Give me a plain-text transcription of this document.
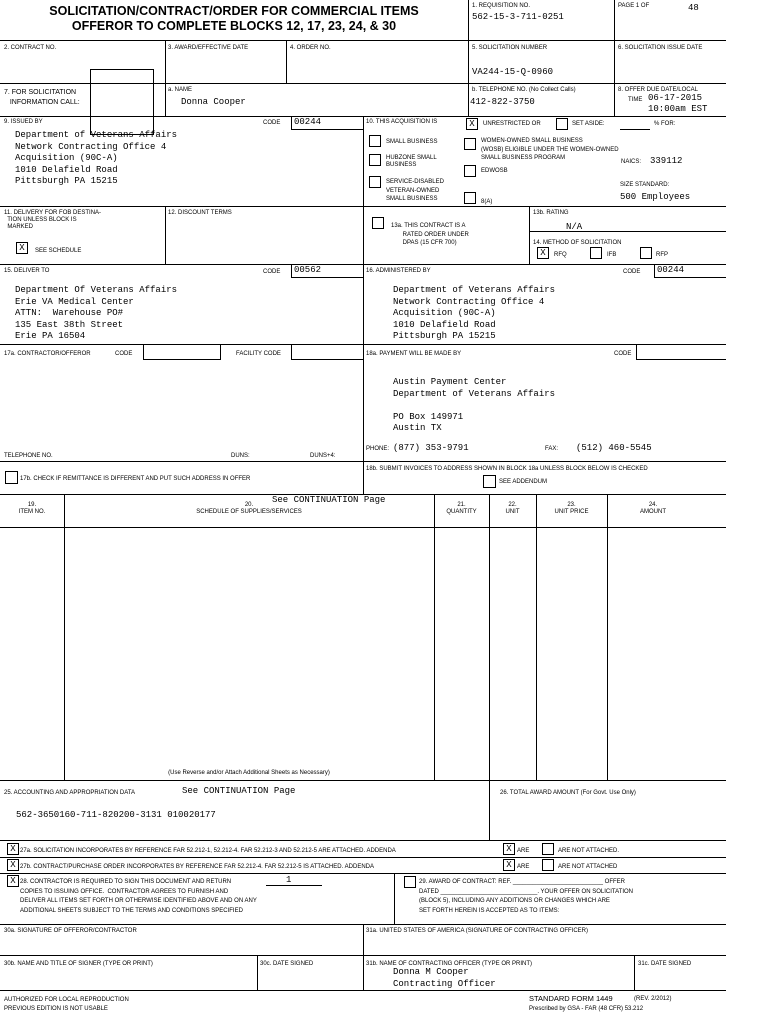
SOLICITATION/CONTRACT/ORDER FOR COMMERCIAL ITEMS
OFFEROR TO COMPLETE BLOCKS 12, 17, 23, 24, & 30
1. REQUISITION NO.
562-15-3-711-0251
PAGE 1 OF	48
2. CONTRACT NO.	3. AWARD/EFFECTIVE DATE	4. ORDER NO.	5. SOLICITATION NUMBER
VA244-15-Q-0960
6. SOLICITATION ISSUE DATE
7. FOR SOLICITATION
INFORMATION CALL:
a. NAME
Donna Cooper
b. TELEPHONE NO. (No Collect Calls)
412-822-3750
8. OFFER DUE DATE/LOCAL
TIME 06-17-2015
10:00am EST
9. ISSUED BY	CODE	00244
Department of Veterans Affairs
Network Contracting Office 4
Acquisition (90C-A)
1010 Delafield Road
Pittsburgh PA 15215
10. THIS ACQUISITION IS	X	UNRESTRICTED OR	SET ASIDE:	% FOR:
SMALL BUSINESS
HUBZONE SMALL
BUSINESS
SERVICE-DISABLED
VETERAN-OWNED
SMALL BUSINESS
WOMEN-OWNED SMALL BUSINESS
(WOSB) ELIGIBLE UNDER THE WOMEN-OWNED
SMALL BUSINESS PROGRAM
EDWOSB
8(A)
NAICS: 339112
SIZE STANDARD:
500 Employees
11. DELIVERY FOR FOB DESTINA-
TION UNLESS BLOCK IS
MARKED
X	SEE SCHEDULE
12. DISCOUNT TERMS
13a. THIS CONTRACT IS A
RATED ORDER UNDER
DPAS (15 CFR 700)
13b. RATING
N/A
14. METHOD OF SOLICITATION
X	RFQ	IFB	RFP
15. DELIVER TO	CODE	00562
Department Of Veterans Affairs
Erie VA Medical Center
ATTN:  Warehouse PO#
135 East 38th Street
Erie PA 16504
16. ADMINISTERED BY	CODE	00244
Department of Veterans Affairs
Network Contracting Office 4
Acquisition (90C-A)
1010 Delafield Road
Pittsburgh PA 15215
17a. CONTRACTOR/OFFEROR	CODE	FACILITY CODE
TELEPHONE NO.	DUNS:	DUNS+4:
17b. CHECK IF REMITTANCE IS DIFFERENT AND PUT SUCH ADDRESS IN OFFER
18a. PAYMENT WILL BE MADE BY	CODE
Austin Payment Center
Department of Veterans Affairs

PO Box 149971
Austin TX
PHONE: (877) 353-9791	FAX: (512) 460-5545
18b. SUBMIT INVOICES TO ADDRESS SHOWN IN BLOCK 18a UNLESS BLOCK BELOW IS CHECKED
SEE ADDENDUM
19.
ITEM NO.
20.
SCHEDULE OF SUPPLIES/SERVICES
See CONTINUATION Page	21.
QUANTITY
22.
UNIT
23.
UNIT PRICE
24.
AMOUNT
(Use Reverse and/or Attach Additional Sheets as Necessary)
25. ACCOUNTING AND APPROPRIATION DATA	See CONTINUATION Page
562-3650160-711-820200-3131 010020177
26. TOTAL AWARD AMOUNT (For Govt. Use Only)
X 27a. SOLICITATION INCORPORATES BY REFERENCE FAR 52.212-1, 52.212-4. FAR 52.212-3 AND 52.212-5 ARE ATTACHED. ADDENDA	X ARE	ARE NOT ATTACHED.
X 27b. CONTRACT/PURCHASE ORDER INCORPORATES BY REFERENCE FAR 52.212-4. FAR 52.212-5 IS ATTACHED. ADDENDA	X ARE	ARE NOT ATTACHED
X 28. CONTRACTOR IS REQUIRED TO SIGN THIS DOCUMENT AND RETURN
COPIES TO ISSUING OFFICE.  CONTRACTOR AGREES TO FURNISH AND
DELIVER ALL ITEMS SET FORTH OR OTHERWISE IDENTIFIED ABOVE AND ON ANY
ADDITIONAL SHEETS SUBJECT TO THE TERMS AND CONDITIONS SPECIFIED
1	29. AWARD OF CONTRACT: REF. ___________________________ OFFER
DATED _____________________________. YOUR OFFER ON SOLICITATION
(BLOCK 5), INCLUDING ANY ADDITIONS OR CHANGES WHICH ARE
SET FORTH HEREIN IS ACCEPTED AS TO ITEMS:
30a. SIGNATURE OF OFFEROR/CONTRACTOR	31a. UNITED STATES OF AMERICA (SIGNATURE OF CONTRACTING OFFICER)
30b. NAME AND TITLE OF SIGNER (TYPE OR PRINT)	30c. DATE SIGNED	31b. NAME OF CONTRACTING OFFICER (TYPE OR PRINT)
Donna M Cooper
Contracting Officer
31c. DATE SIGNED
AUTHORIZED FOR LOCAL REPRODUCTION
PREVIOUS EDITION IS NOT USABLE
STANDARD FORM 1449	(REV. 2/2012)
Prescribed by GSA - FAR (48 CFR) 53.212
